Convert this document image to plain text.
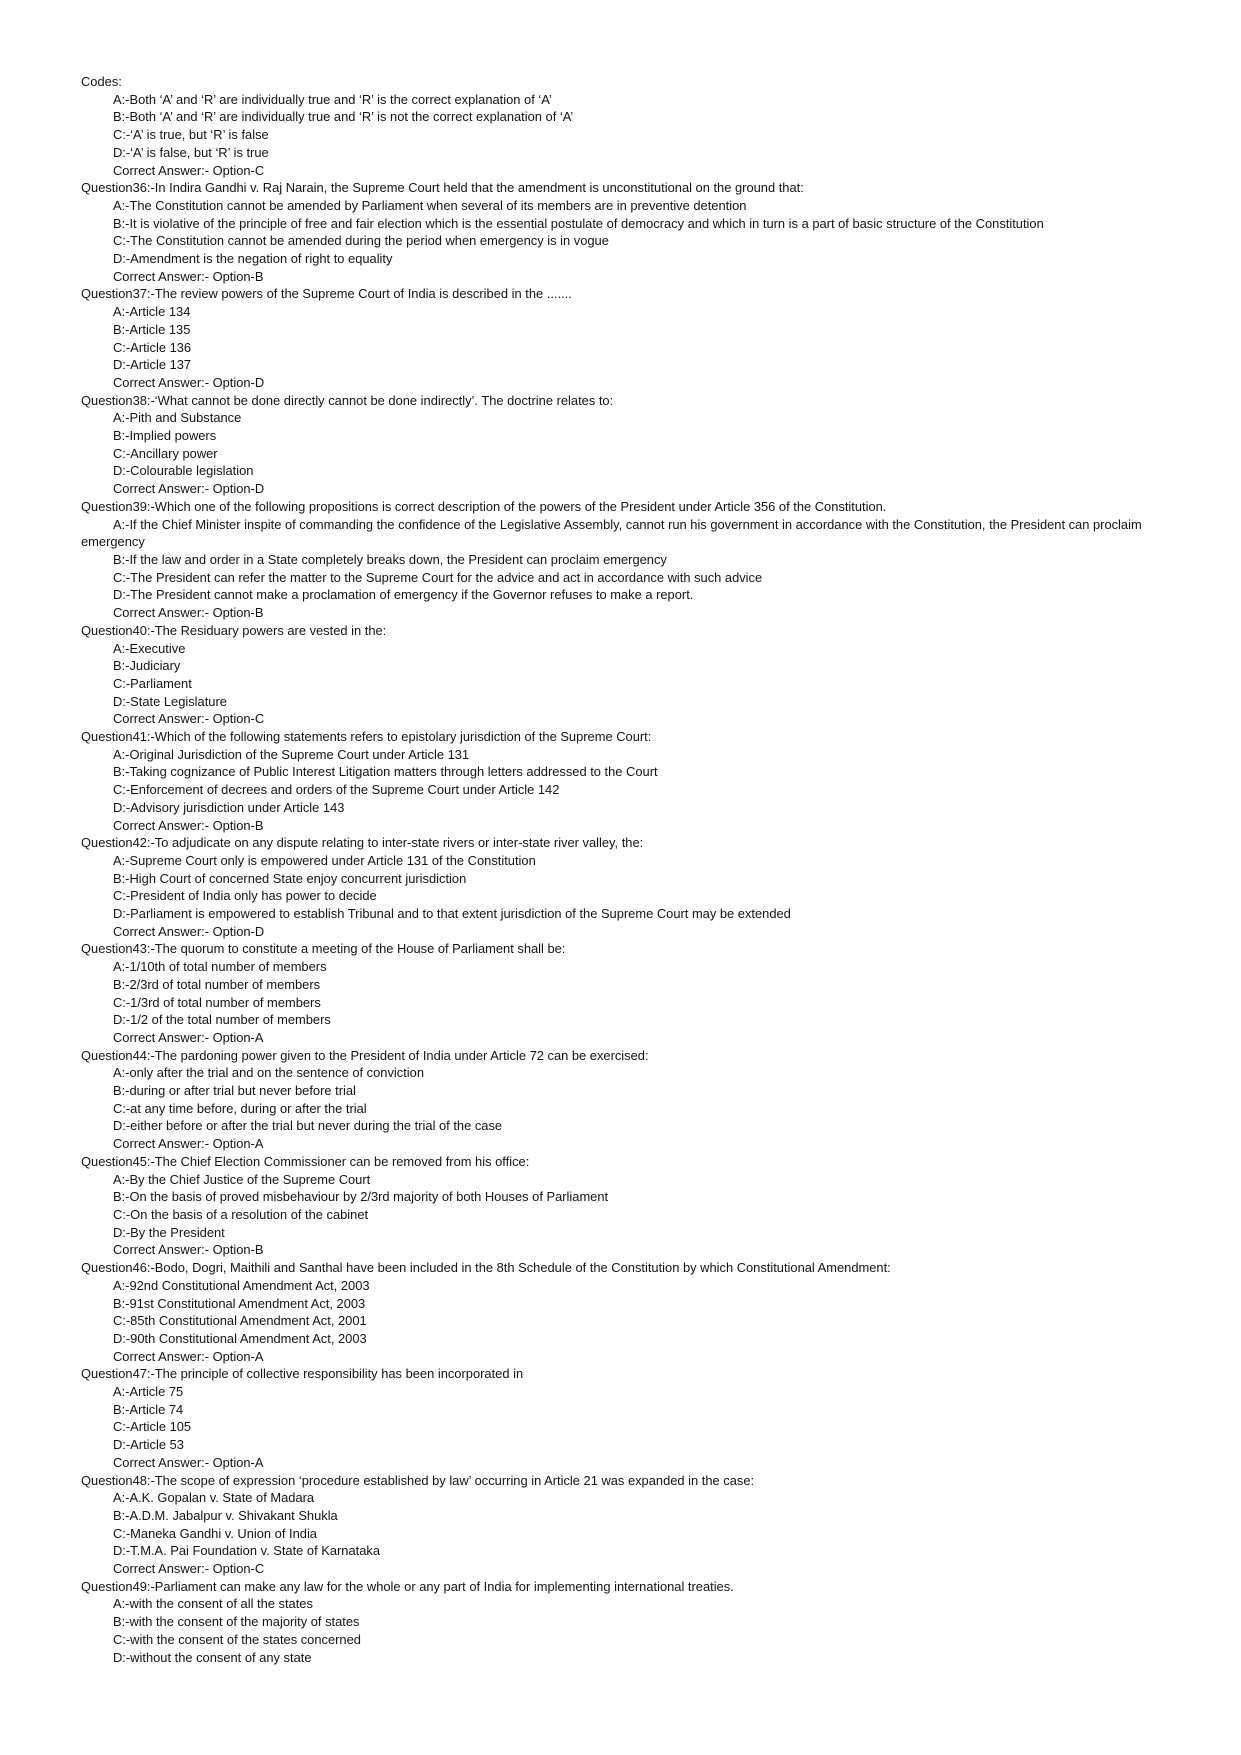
Codes:
A:-Both ‘A’ and ‘R’ are individually true and ‘R’ is the correct explanation of ‘A’
B:-Both ‘A’ and ‘R’ are individually true and ‘R’ is not the correct explanation of ‘A’
C:-‘A’ is true, but ‘R’ is false
D:-‘A’ is false, but ‘R’ is true
Correct Answer:- Option-C
Question36:-In Indira Gandhi v. Raj Narain, the Supreme Court held that the amendment is unconstitutional on the ground that:
A:-The Constitution cannot be amended by Parliament when several of its members are in preventive detention
B:-It is violative of the principle of free and fair election which is the essential postulate of democracy and which in turn is a part of basic structure of the Constitution
C:-The Constitution cannot be amended during the period when emergency is in vogue
D:-Amendment is the negation of right to equality
Correct Answer:- Option-B
Question37:-The review powers of the Supreme Court of India is described in the .......
A:-Article 134
B:-Article 135
C:-Article 136
D:-Article 137
Correct Answer:- Option-D
Question38:-‘What cannot be done directly cannot be done indirectly’. The doctrine relates to:
A:-Pith and Substance
B:-Implied powers
C:-Ancillary power
D:-Colourable legislation
Correct Answer:- Option-D
Question39:-Which one of the following propositions is correct description of the powers of the President under Article 356 of the Constitution.
A:-If the Chief Minister inspite of commanding the confidence of the Legislative Assembly, cannot run his government in accordance with the Constitution, the President can proclaim emergency
B:-If the law and order in a State completely breaks down, the President can proclaim emergency
C:-The President can refer the matter to the Supreme Court for the advice and act in accordance with such advice
D:-The President cannot make a proclamation of emergency if the Governor refuses to make a report.
Correct Answer:- Option-B
Question40:-The Residuary powers are vested in the:
A:-Executive
B:-Judiciary
C:-Parliament
D:-State Legislature
Correct Answer:- Option-C
Question41:-Which of the following statements refers to epistolary jurisdiction of the Supreme Court:
A:-Original Jurisdiction of the Supreme Court under Article 131
B:-Taking cognizance of Public Interest Litigation matters through letters addressed to the Court
C:-Enforcement of decrees and orders of the Supreme Court under Article 142
D:-Advisory jurisdiction under Article 143
Correct Answer:- Option-B
Question42:-To adjudicate on any dispute relating to inter-state rivers or inter-state river valley, the:
A:-Supreme Court only is empowered under Article 131 of the Constitution
B:-High Court of concerned State enjoy concurrent jurisdiction
C:-President of India only has power to decide
D:-Parliament is empowered to establish Tribunal and to that extent jurisdiction of the Supreme Court may be extended
Correct Answer:- Option-D
Question43:-The quorum to constitute a meeting of the House of Parliament shall be:
A:-1/10th of total number of members
B:-2/3rd of total number of members
C:-1/3rd of total number of members
D:-1/2 of the total number of members
Correct Answer:- Option-A
Question44:-The pardoning power given to the President of India under Article 72 can be exercised:
A:-only after the trial and on the sentence of conviction
B:-during or after trial but never before trial
C:-at any time before, during or after the trial
D:-either before or after the trial but never during the trial of the case
Correct Answer:- Option-A
Question45:-The Chief Election Commissioner can be removed from his office:
A:-By the Chief Justice of the Supreme Court
B:-On the basis of proved misbehaviour by 2/3rd majority of both Houses of Parliament
C:-On the basis of a resolution of the cabinet
D:-By the President
Correct Answer:- Option-B
Question46:-Bodo, Dogri, Maithili and Santhal have been included in the 8th Schedule of the Constitution by which Constitutional Amendment:
A:-92nd Constitutional Amendment Act, 2003
B:-91st Constitutional Amendment Act, 2003
C:-85th Constitutional Amendment Act, 2001
D:-90th Constitutional Amendment Act, 2003
Correct Answer:- Option-A
Question47:-The principle of collective responsibility has been incorporated in
A:-Article 75
B:-Article 74
C:-Article 105
D:-Article 53
Correct Answer:- Option-A
Question48:-The scope of expression ‘procedure established by law’ occurring in Article 21 was expanded in the case:
A:-A.K. Gopalan v. State of Madara
B:-A.D.M. Jabalpur v. Shivakant Shukla
C:-Maneka Gandhi v. Union of India
D:-T.M.A. Pai Foundation v. State of Karnataka
Correct Answer:- Option-C
Question49:-Parliament can make any law for the whole or any part of India for implementing international treaties.
A:-with the consent of all the states
B:-with the consent of the majority of states
C:-with the consent of the states concerned
D:-without the consent of any state
